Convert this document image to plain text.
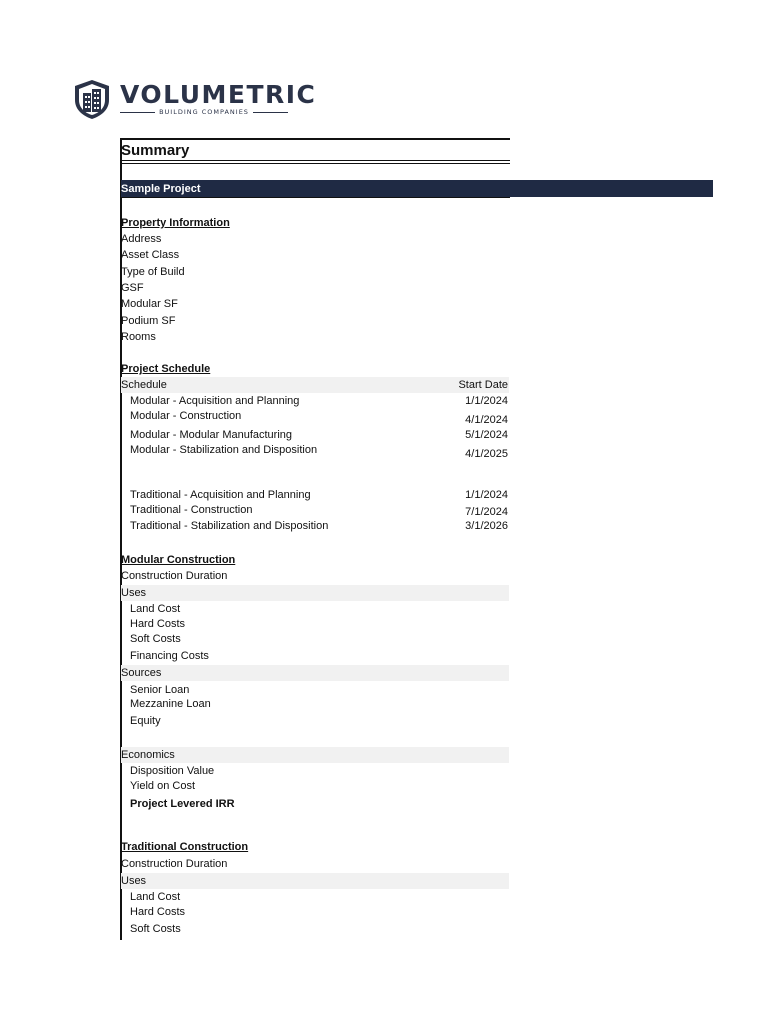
VOLUMETRIC
BUILDING COMPANIES
Summary
Sample Project
Property Information
Address
Asset Class
Type of Build
GSF
Modular SF
Podium SF
Rooms
Project Schedule
Schedule	Start Date
Modular - Acquisition and Planning	1/1/2024
Modular - Construction	4/1/2024
Modular - Modular Manufacturing	5/1/2024
Modular - Stabilization and Disposition	4/1/2025
Traditional - Acquisition and Planning	1/1/2024
Traditional - Construction	7/1/2024
Traditional - Stabilization and Disposition	3/1/2026
Modular Construction
Construction Duration
Uses
Land Cost
Hard Costs
Soft Costs
Financing Costs
Sources
Senior Loan
Mezzanine Loan
Equity
Economics
Disposition Value
Yield on Cost
Project Levered IRR
Traditional Construction
Construction Duration
Uses
Land Cost
Hard Costs
Soft Costs
